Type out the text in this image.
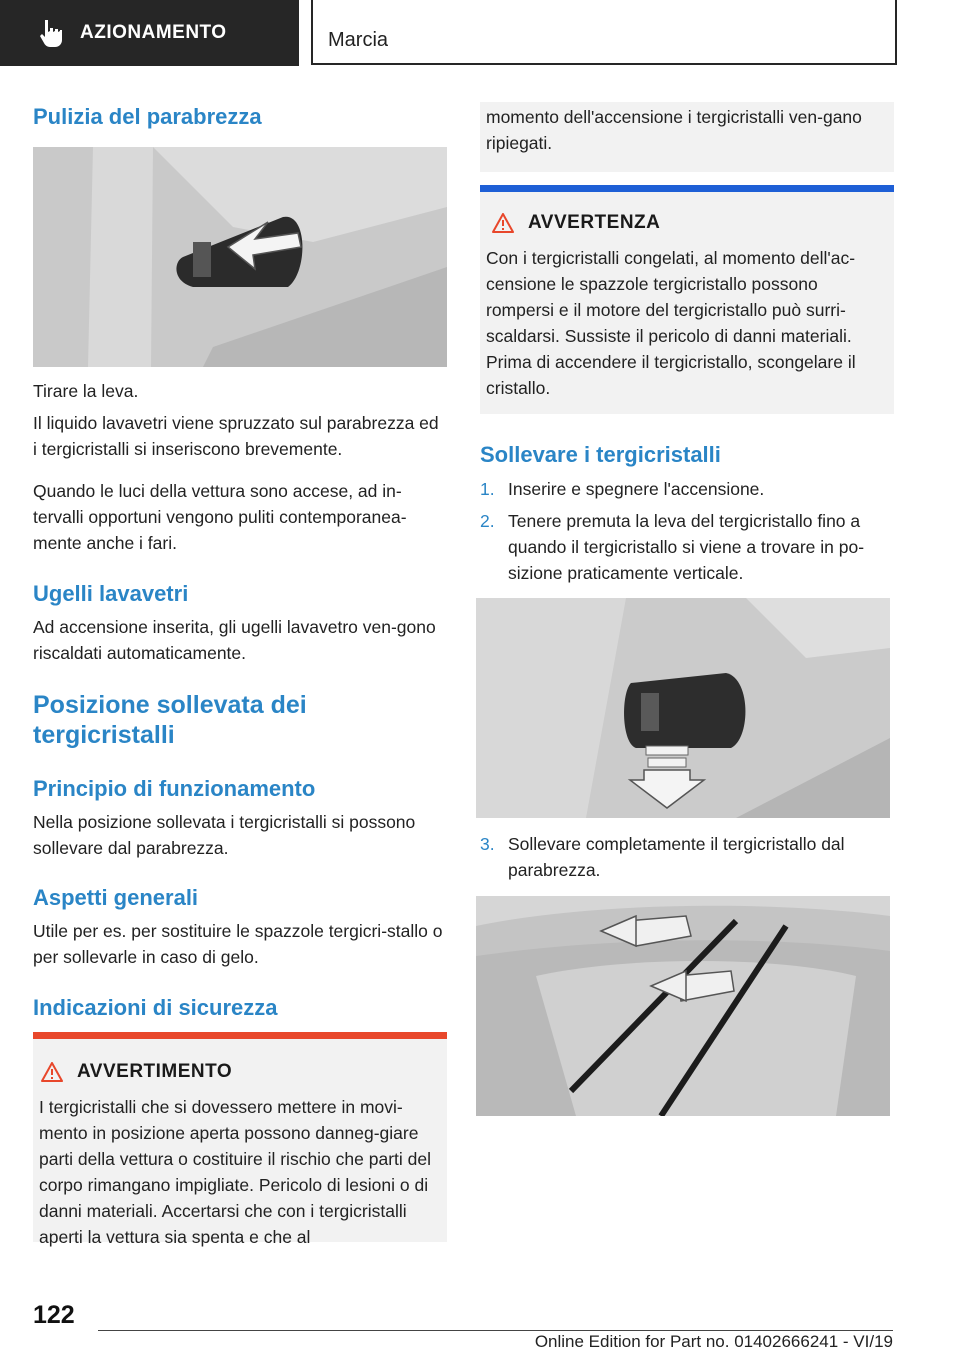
AZIONAMENTO	Marcia
Pulizia del parabrezza

Tirare la leva.

Il liquido lavavetri viene spruzzato sul parabrezza ed i tergicristalli si inseriscono brevemente.

Quando le luci della vettura sono accese, ad in-tervalli opportuni vengono puliti contemporanea-mente anche i fari.

Ugelli lavavetri

Ad accensione inserita, gli ugelli lavavetro ven-gono riscaldati automaticamente.

Posizione sollevata dei tergicristalli
Principio di funzionamento

Nella posizione sollevata i tergicristalli si possono sollevare dal parabrezza.

Aspetti generali

Utile per es. per sostituire le spazzole tergicri-stallo o per sollevarle in caso di gelo.

Indicazioni di sicurezza
AVVERTIMENTO

I tergicristalli che si dovessero mettere in movi-mento in posizione aperta possono danneg-giare parti della vettura o costituire il rischio che parti del corpo rimangano impigliate. Pericolo di lesioni o di danni materiali. Accertarsi che con i tergicristalli aperti la vettura sia spenta e che al

momento dell'accensione i tergicristalli ven-gano ripiegati.

AVVERTENZA

Con i tergicristalli congelati, al momento dell'ac-censione le spazzole tergicristallo possono rompersi e il motore del tergicristallo può surri-scaldarsi. Sussiste il pericolo di danni materiali. Prima di accendere il tergicristallo, scongelare il cristallo.

Sollevare i tergicristalli
1. Inserire e spegnere l'accensione.
2. Tenere premuta la leva del tergicristallo fino a quando il tergicristallo si viene a trovare in po-sizione praticamente verticale.
3. Sollevare completamente il tergicristallo dal parabrezza.
122
Online Edition for Part no. 01402666241 - VI/19
